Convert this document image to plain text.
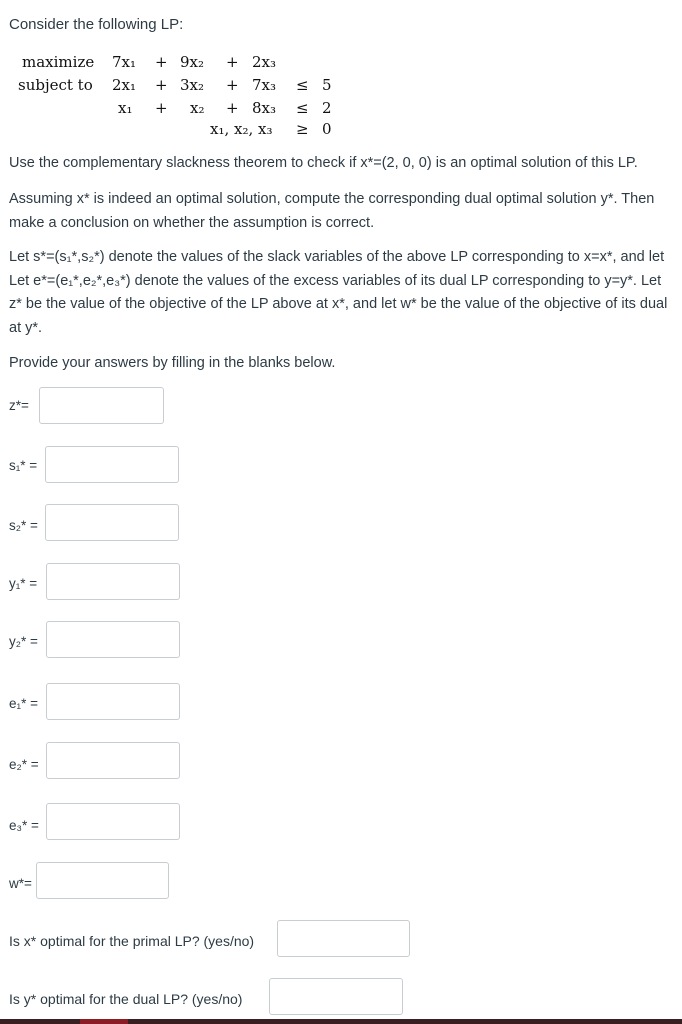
Consider the following LP:
maximize 7x₁ + 9x₂ + 2x₃
subject to 2x₁ + 3x₂ + 7x₃ ≤ 5
x₁ + x₂ + 8x₃ ≤ 2
x₁, x₂, x₃ ≥ 0

Use the complementary slackness theorem to check if x*=(2, 0, 0) is an optimal solution of this LP.

Assuming x* is indeed an optimal solution, compute the corresponding dual optimal solution y*. Then make a conclusion on whether the assumption is correct.

Let s*=(s₁*,s₂*) denote the values of the slack variables of the above LP corresponding to x=x*, and let Let e*=(e₁*,e₂*,e₃*) denote the values of the excess variables of its dual LP corresponding to y=y*. Let z* be the value of the objective of the LP above at x*, and let w* be the value of the objective of its dual at y*.

Provide your answers by filling in the blanks below.

z*=
s₁* =
s₂* =
y₁* =
y₂* =
e₁* =
e₂* =
e₃* =
w*=
Is x* optimal for the primal LP? (yes/no)
Is y* optimal for the dual LP? (yes/no)
